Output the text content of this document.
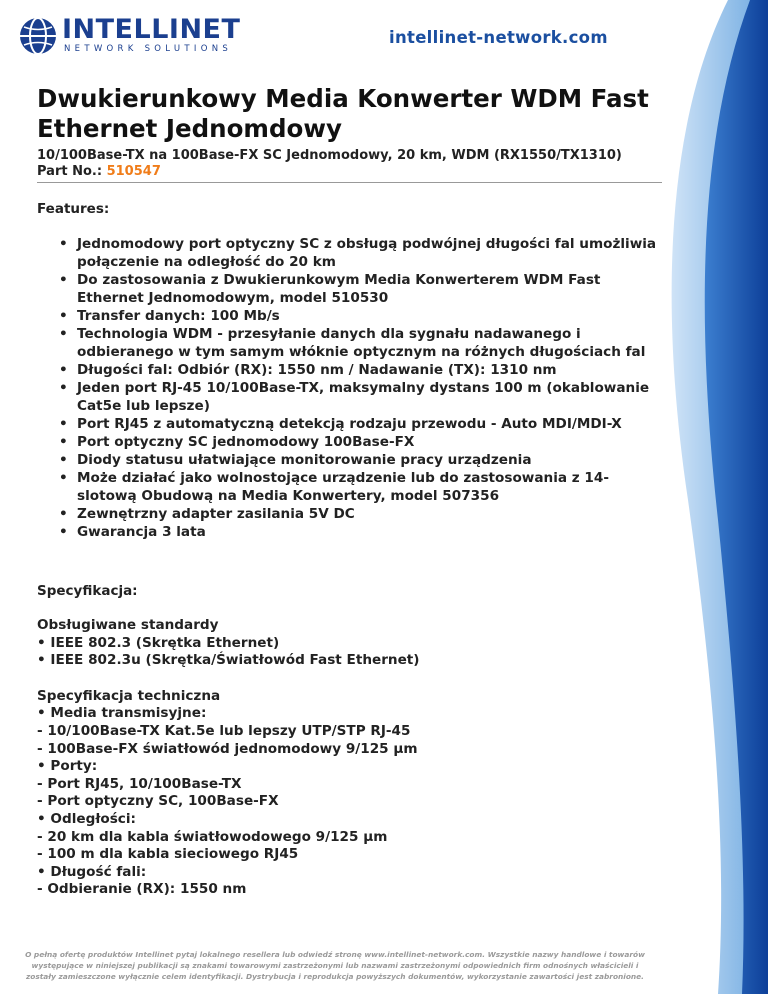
INTELLINET
NETWORK SOLUTIONS
intellinet-network.com
Dwukierunkowy Media Konwerter WDM Fast Ethernet Jednomdowy
10/100Base-TX na 100Base-FX SC Jednomodowy, 20 km, WDM (RX1550/TX1310)
Part No.: 510547
Features:
• Jednomodowy port optyczny SC z obsługą podwójnej długości fal umożliwia połączenie na odległość do 20 km
• Do zastosowania z Dwukierunkowym Media Konwerterem WDM Fast Ethernet Jednomodowym, model 510530
• Transfer danych: 100 Mb/s
• Technologia WDM - przesyłanie danych dla sygnału nadawanego i odbieranego w tym samym włóknie optycznym na różnych długościach fal
• Długości fal: Odbiór (RX): 1550 nm / Nadawanie (TX): 1310 nm
• Jeden port RJ-45 10/100Base-TX, maksymalny dystans 100 m (okablowanie Cat5e lub lepsze)
• Port RJ45 z automatyczną detekcją rodzaju przewodu - Auto MDI/MDI-X
• Port optyczny SC jednomodowy 100Base-FX
• Diody statusu ułatwiające monitorowanie pracy urządzenia
• Może działać jako wolnostojące urządzenie lub do zastosowania z 14-slotową Obudową na Media Konwertery, model 507356
• Zewnętrzny adapter zasilania 5V DC
• Gwarancja 3 lata
Specyfikacja:
Obsługiwane standardy
• IEEE 802.3 (Skrętka Ethernet)
• IEEE 802.3u (Skrętka/Światłowód Fast Ethernet)
Specyfikacja techniczna
• Media transmisyjne:
- 10/100Base-TX Kat.5e lub lepszy UTP/STP RJ-45
- 100Base-FX światłowód jednomodowy 9/125 µm
• Porty:
- Port RJ45, 10/100Base-TX
- Port optyczny SC, 100Base-FX
• Odległości:
- 20 km dla kabla światłowodowego 9/125 µm
- 100 m dla kabla sieciowego RJ45
• Długość fali:
- Odbieranie (RX): 1550 nm
O pełną ofertę produktów Intellinet pytaj lokalnego resellera lub odwiedź stronę www.intellinet-network.com. Wszystkie nazwy handlowe i towarów występujące w niniejszej publikacji są znakami towarowymi zastrzeżonymi lub nazwami zastrzeżonymi odpowiednich firm odnośnych właścicieli i zostały zamieszczone wyłącznie celem identyfikacji. Dystrybucja i reprodukcja powyższych dokumentów, wykorzystanie zawartości jest zabronione.
